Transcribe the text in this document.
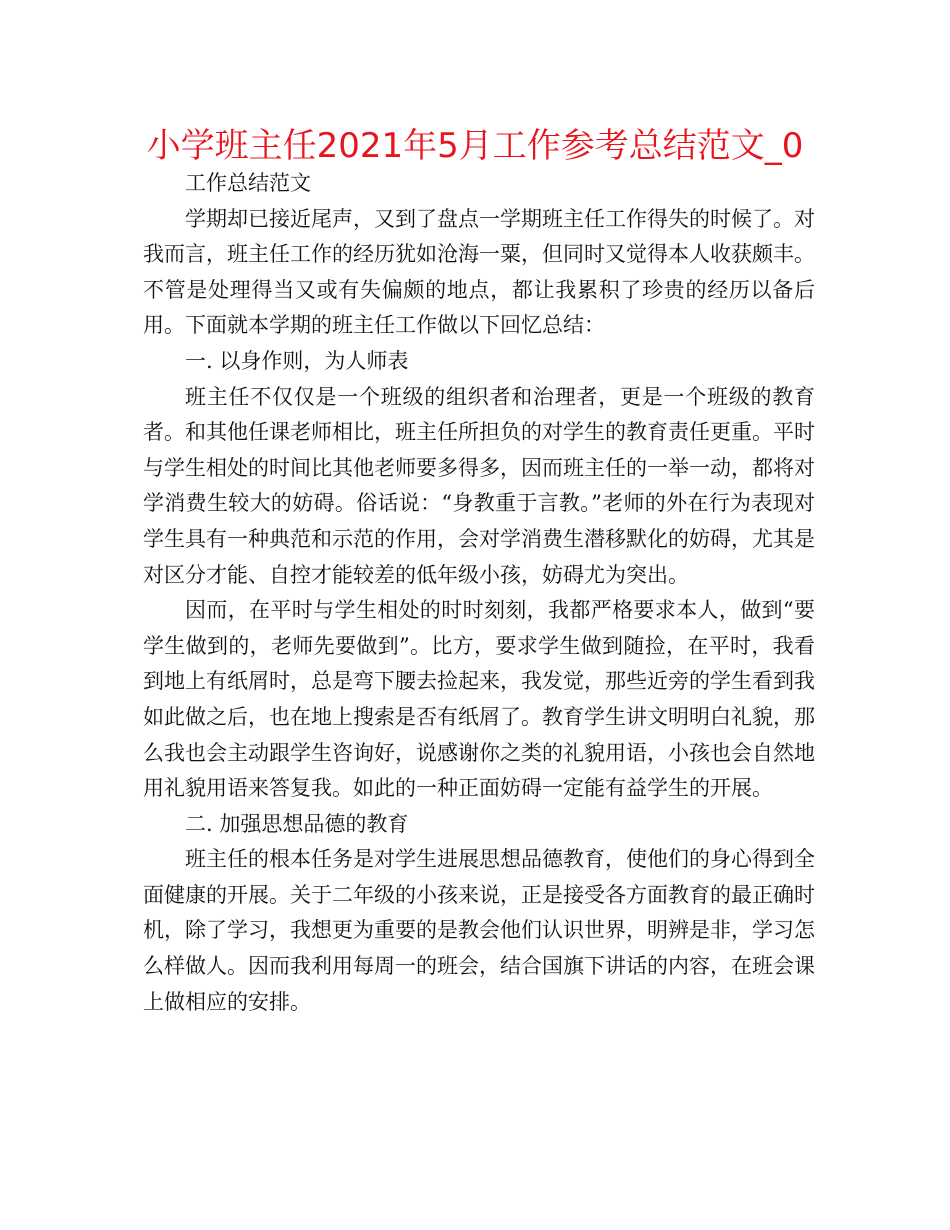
小学班主任2021年5月工作参考总结范文_0

工作总结范文

学期却已接近尾声，又到了盘点一学期班主任工作得失的时候了。对我而言，班主任工作的经历犹如沧海一粟，但同时又觉得本人收获颇丰。不管是处理得当又或有失偏颇的地点，都让我累积了珍贵的经历以备后用。下面就本学期的班主任工作做以下回忆总结：

一. 以身作则，为人师表

班主任不仅仅是一个班级的组织者和治理者，更是一个班级的教育者。和其他任课老师相比，班主任所担负的对学生的教育责任更重。平时与学生相处的时间比其他老师要多得多，因而班主任的一举一动，都将对学消费生较大的妨碍。俗话说：“身教重于言教。”老师的外在行为表现对学生具有一种典范和示范的作用，会对学消费生潜移默化的妨碍，尤其是对区分才能、自控才能较差的低年级小孩，妨碍尤为突出。

因而，在平时与学生相处的时时刻刻，我都严格要求本人，做到“要学生做到的，老师先要做到”。比方，要求学生做到随捡，在平时，我看到地上有纸屑时，总是弯下腰去捡起来，我发觉，那些近旁的学生看到我如此做之后，也在地上搜索是否有纸屑了。教育学生讲文明明白礼貌，那么我也会主动跟学生咨询好，说感谢你之类的礼貌用语，小孩也会自然地用礼貌用语来答复我。如此的一种正面妨碍一定能有益学生的开展。

二. 加强思想品德的教育

班主任的根本任务是对学生进展思想品德教育，使他们的身心得到全面健康的开展。关于二年级的小孩来说，正是接受各方面教育的最正确时机，除了学习，我想更为重要的是教会他们认识世界，明辨是非，学习怎么样做人。因而我利用每周一的班会，结合国旗下讲话的内容，在班会课上做相应的安排。
